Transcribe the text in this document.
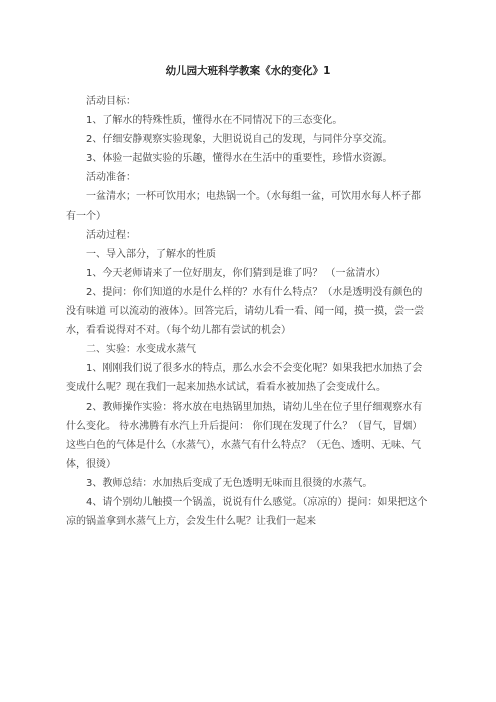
幼儿园大班科学教案《水的变化》1

活动目标：

1、了解水的特殊性质，懂得水在不同情况下的三态变化。

2、仔细安静观察实验现象，大胆说说自己的发现，与同伴分享交流。

3、体验一起做实验的乐趣，懂得水在生活中的重要性，珍惜水资源。

活动准备：

一盆清水；一杯可饮用水；电热锅一个。（水每组一盆，可饮用水每人杯子都有一个）

活动过程：

一、导入部分，了解水的性质

1、今天老师请来了一位好朋友，你们猜到是谁了吗？ （一盆清水）

2、提问：你们知道的水是什么样的？水有什么特点？（水是透明没有颜色的 没有味道 可以流动的液体）。回答完后，请幼儿看一看、闻一闻，摸一摸，尝一尝水，看看说得对不对。（每个幼儿都有尝试的机会）

二、实验：水变成水蒸气

1、刚刚我们说了很多水的特点，那么水会不会变化呢？如果我把水加热了会变成什么呢？现在我们一起来加热水试试，看看水被加热了会变成什么。

2、教师操作实验：将水放在电热锅里加热，请幼儿坐在位子里仔细观察水有什么变化。 待水沸腾有水汽上升后提问： 你们现在发现了什么？（冒气，冒烟） 这些白色的气体是什么（水蒸气），水蒸气有什么特点？（无色、透明、无味、气体，很烫）

3、教师总结：水加热后变成了无色透明无味而且很烫的水蒸气。

4、请个别幼儿触摸一个锅盖，说说有什么感觉。（凉凉的）提问：如果把这个凉的锅盖拿到水蒸气上方，会发生什么呢？让我们一起来
